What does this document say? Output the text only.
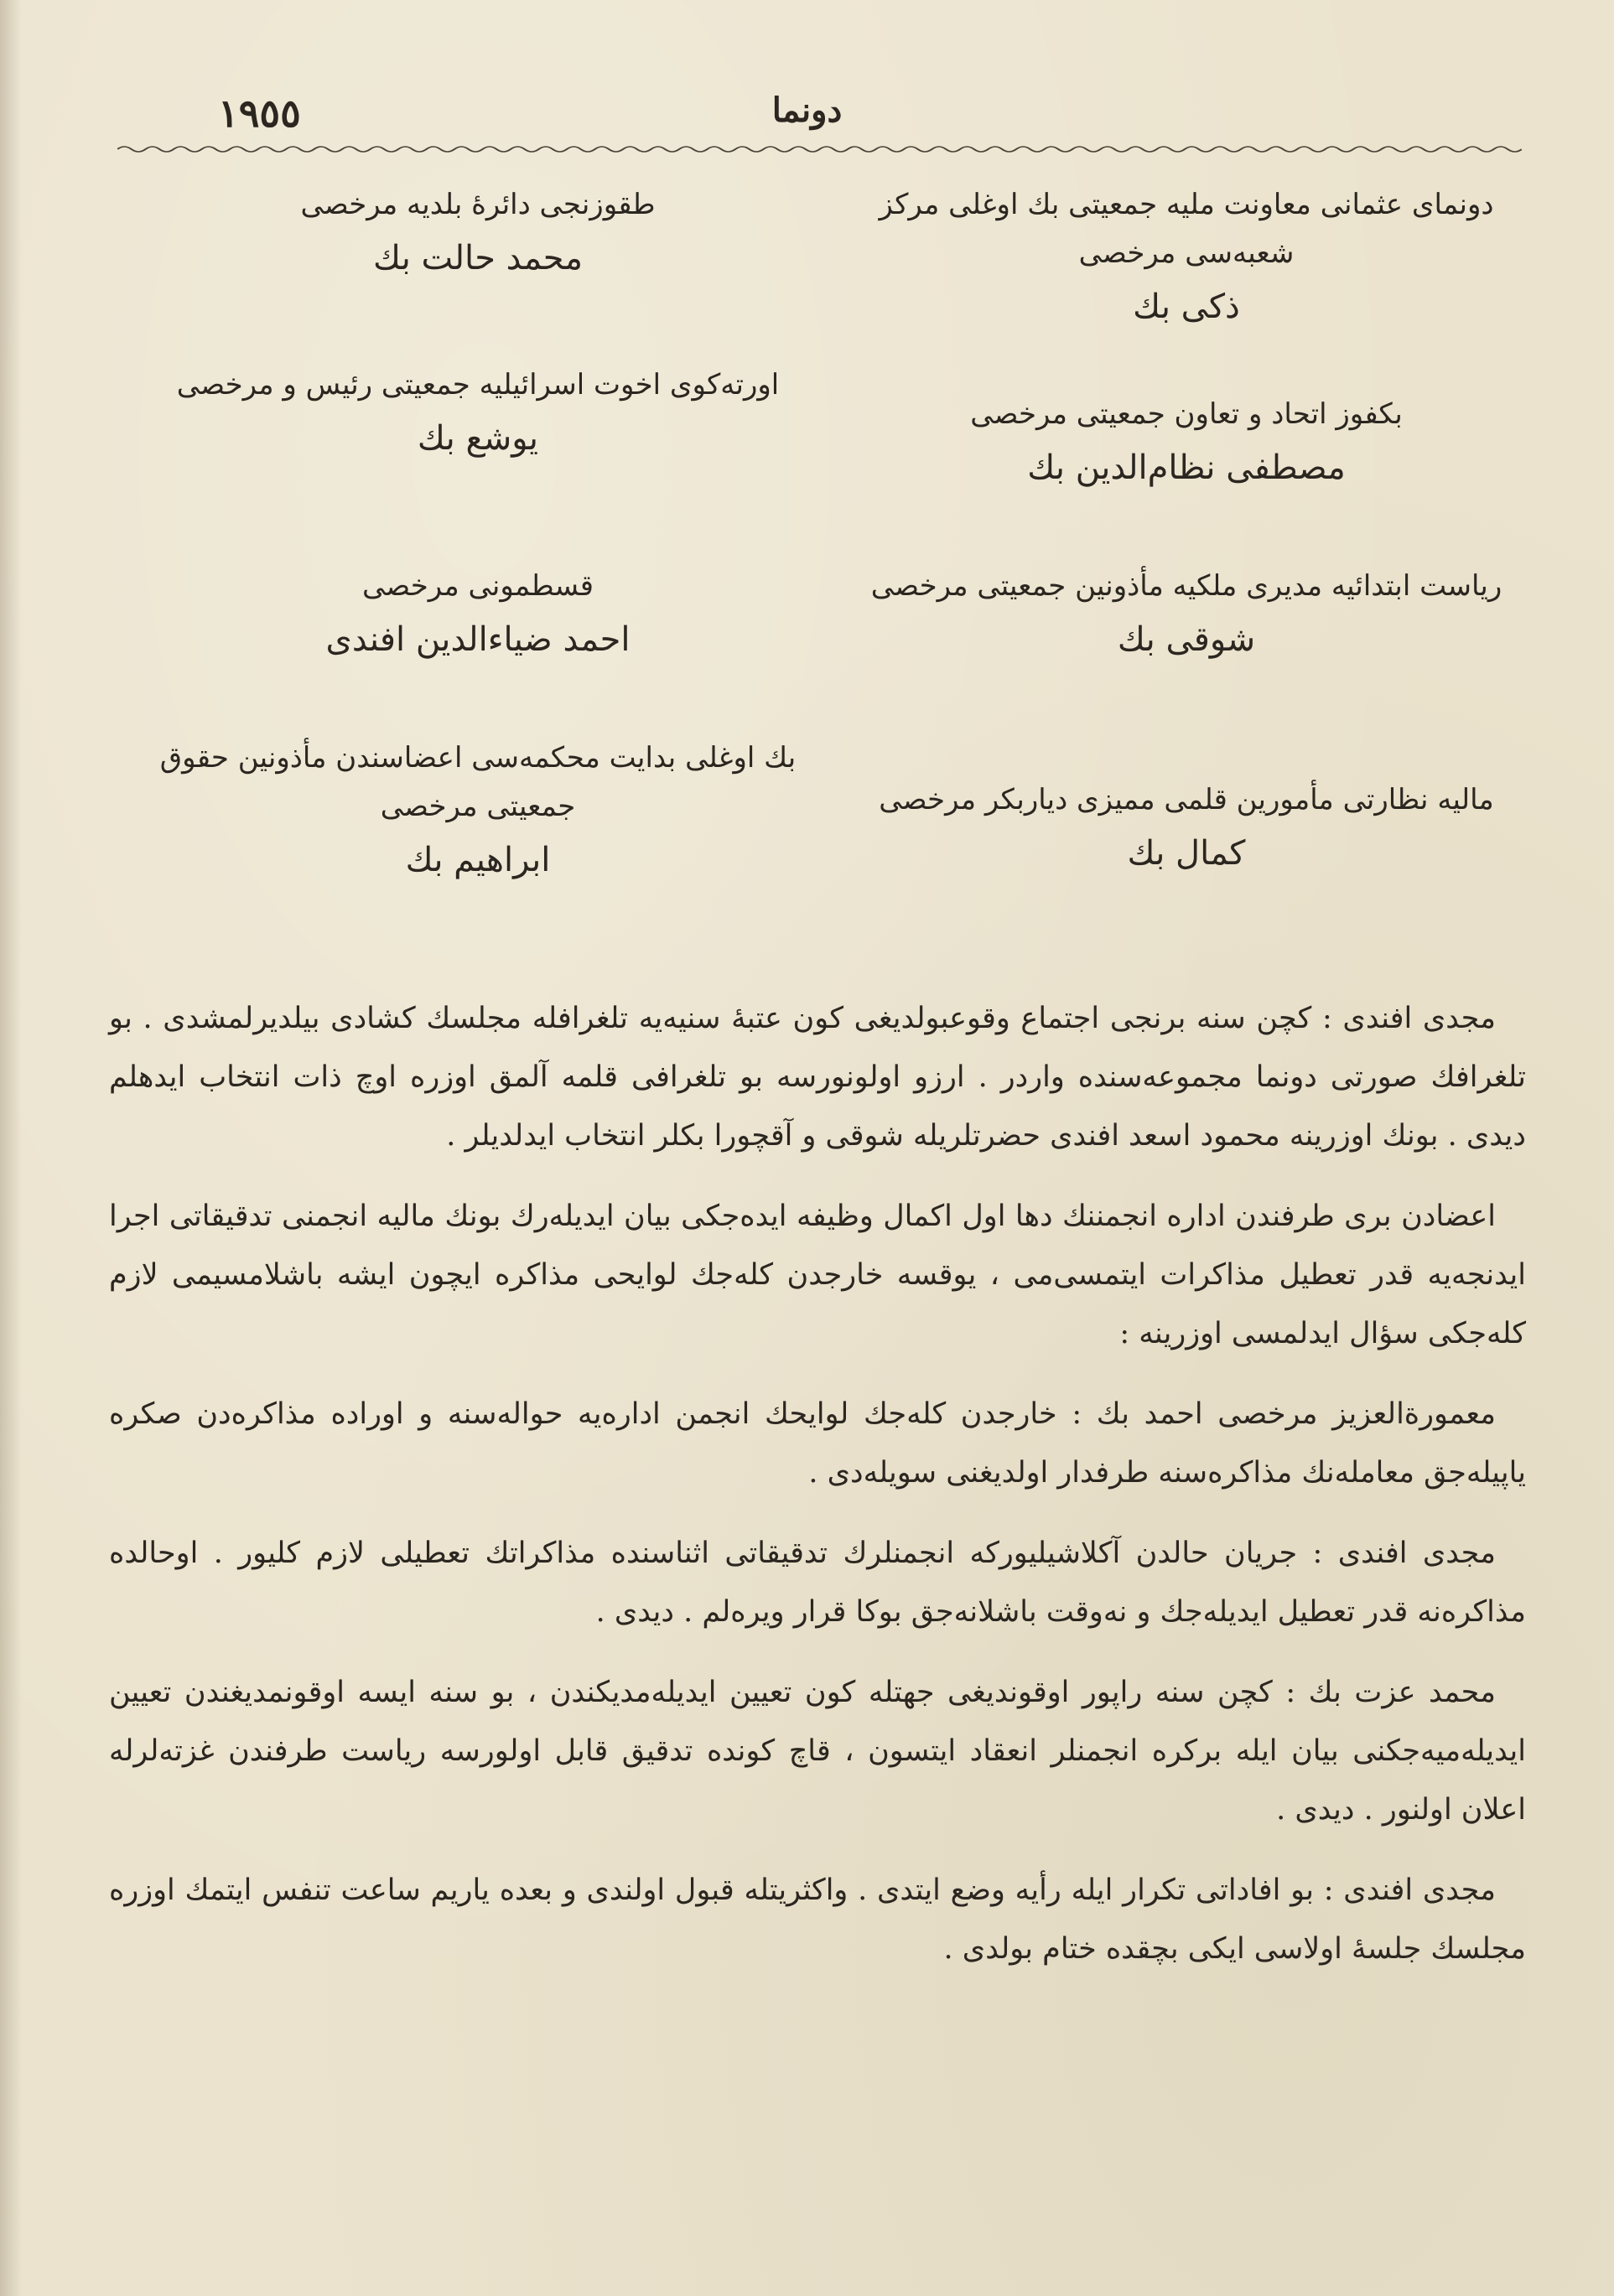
١٩٥٥	دونما
دونمای عثمانی معاونت ملیه جمعیتی بك اوغلی مرکز شعبه‌سی مرخصی
ذکی بك
بکفوز اتحاد و تعاون جمعیتی مرخصی
مصطفی نظام‌الدین بك
ریاست ابتدائیه مدیری ملکیه مأذونین جمعیتی مرخصی
شوقی بك
مالیه نظارتی مأمورین قلمی ممیزی دیاربکر مرخصی
کمال بك
طقوزنجی دائرهٔ بلدیه مرخصی
محمد حالت بك
اورته‌کوی اخوت اسرائیلیه جمعیتی رئیس و مرخصی
یوشع بك
قسطمونی مرخصی
احمد ضیاءالدین افندی
بك اوغلی بدایت محکمه‌سی اعضاسندن مأذونین حقوق جمعیتی مرخصی
ابراهیم بك

مجدی افندی : کچن سنه برنجی اجتماع وقوعبولدیغی کون عتبهٔ سنیه‌یه تلغرافله مجلسك کشادی بیلدیرلمشدی . بو تلغرافك صورتی دونما مجموعه‌سنده واردر . ارزو اولونورسه بو تلغرافی قلمه آلمق اوزره اوچ ذات انتخاب ایدهلم دیدی . بونك اوزرینه محمود اسعد افندی حضرتلریله شوقی و آقچورا بکلر انتخاب ایدلدیلر .

اعضادن بری طرفندن اداره انجمننك دها اول اکمال وظیفه ایده‌جکی بیان ایدیله‌رك بونك مالیه انجمنی تدقیقاتی اجرا ایدنجه‌یه قدر تعطیل مذاکرات ایتمسی‌می ، یوقسه خارجدن کله‌جك لوایحی مذاکره ایچون ایشه باشلامسیمی لازم کله‌جکی سؤال ایدلمسی اوزرینه :

معمورة‌العزیز مرخصی احمد بك : خارجدن کله‌جك لوایحك انجمن اداره‌یه حواله‌سنه و اوراده مذاکره‌دن صکره یاپیله‌جق معامله‌نك مذاکره‌سنه طرفدار اولدیغنی سویله‌دی .

مجدی افندی : جریان حالدن آکلاشیلیورکه انجمنلرك تدقیقاتی اثناسنده مذاکراتك تعطیلی لازم کلیور . اوحالده مذاکره‌نه قدر تعطیل ایدیله‌جك و نه‌وقت باشلانه‌جق بوکا قرار ویره‌لم . دیدی .

محمد عزت بك : کچن سنه راپور اوقوندیغی جهتله کون تعیین ایدیله‌مدیکندن ، بو سنه ایسه اوقونمدیغندن تعیین ایدیله‌میه‌جکنی بیان ایله برکره انجمنلر انعقاد ایتسون ، قاچ کونده تدقیق قابل اولورسه ریاست طرفندن غزته‌لرله اعلان اولنور . دیدی .

مجدی افندی : بو افاداتی تکرار ایله رأیه وضع ایتدی . واکثریتله قبول اولندی و بعده یاریم ساعت تنفس ایتمك اوزره مجلسك جلسهٔ اولاسی ایکی بچقده ختام بولدی .
